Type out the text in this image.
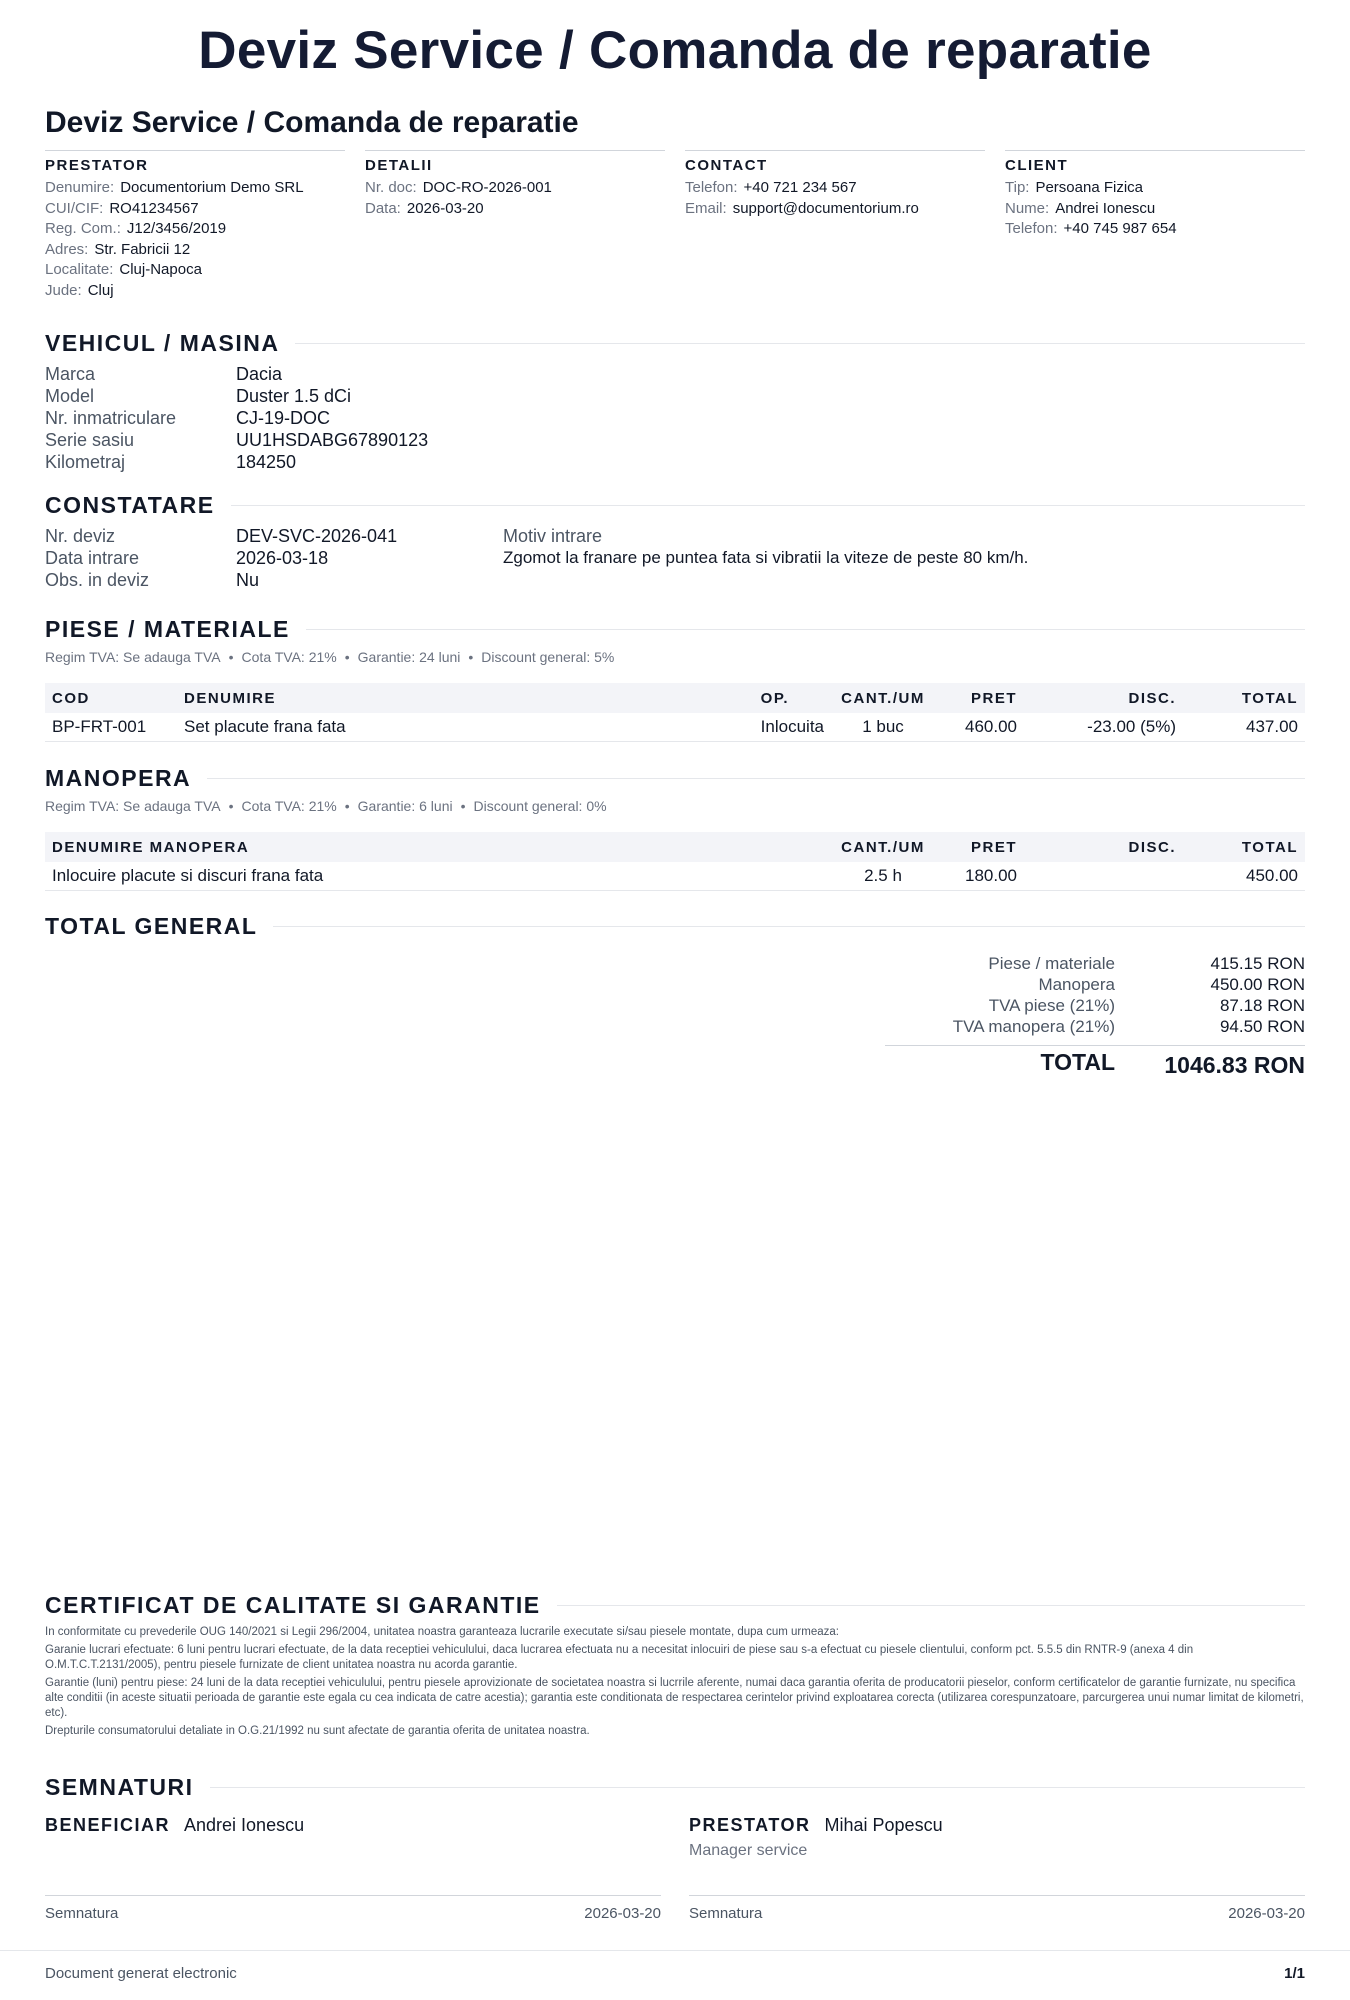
Deviz Service / Comanda de reparatie
Deviz Service / Comanda de reparatie
PRESTATOR
Denumire: Documentorium Demo SRL
CUI/CIF: RO41234567
Reg. Com.: J12/3456/2019
Adres: Str. Fabricii 12
Localitate: Cluj-Napoca
Jude: Cluj
DETALII
Nr. doc: DOC-RO-2026-001
Data: 2026-03-20
CONTACT
Telefon: +40 721 234 567
Email: support@documentorium.ro
CLIENT
Tip: Persoana Fizica
Nume: Andrei Ionescu
Telefon: +40 745 987 654
VEHICUL / MASINA
Marca	Dacia
Model	Duster 1.5 dCi
Nr. inmatriculare	CJ-19-DOC
Serie sasiu	UU1HSDABG67890123
Kilometraj	184250
CONSTATARE
Nr. deviz	DEV-SVC-2026-041
Data intrare	2026-03-18
Obs. in deviz	Nu
Motiv intrare
Zgomot la franare pe puntea fata si vibratii la viteze de peste 80 km/h.
PIESE / MATERIALE
Regim TVA: Se adauga TVA • Cota TVA: 21% • Garantie: 24 luni • Discount general: 5%
COD	DENUMIRE	OP.	CANT./UM	PRET	DISC.	TOTAL
BP-FRT-001	Set placute frana fata	Inlocuita	1 buc	460.00	-23.00 (5%)	437.00
MANOPERA
Regim TVA: Se adauga TVA • Cota TVA: 21% • Garantie: 6 luni • Discount general: 0%
DENUMIRE MANOPERA	CANT./UM	PRET	DISC.	TOTAL
Inlocuire placute si discuri frana fata	2.5 h	180.00		450.00
TOTAL GENERAL
Piese / materiale	415.15 RON
Manopera	450.00 RON
TVA piese (21%)	87.18 RON
TVA manopera (21%)	94.50 RON
TOTAL	1046.83 RON
CERTIFICAT DE CALITATE SI GARANTIE

In conformitate cu prevederile OUG 140/2021 si Legii 296/2004, unitatea noastra garanteaza lucrarile executate si/sau piesele montate, dupa cum urmeaza:

Garanie lucrari efectuate: 6 luni pentru lucrari efectuate, de la data receptiei vehiculului, daca lucrarea efectuata nu a necesitat inlocuiri de piese sau s-a efectuat cu piesele clientului, conform pct. 5.5.5 din RNTR-9 (anexa 4 din O.M.T.C.T.2131/2005), pentru piesele furnizate de client unitatea noastra nu acorda garantie.

Garantie (luni) pentru piese: 24 luni de la data receptiei vehiculului, pentru piesele aprovizionate de societatea noastra si lucrrile aferente, numai daca garantia oferita de producatorii pieselor, conform certificatelor de garantie furnizate, nu specifica alte conditii (in aceste situatii perioada de garantie este egala cu cea indicata de catre acestia); garantia este conditionata de respectarea cerintelor privind exploatarea corecta (utilizarea corespunzatoare, parcurgerea unui numar limitat de kilometri, etc).

Drepturile consumatorului detaliate in O.G.21/1992 nu sunt afectate de garantia oferita de unitatea noastra.

SEMNATURI
BENEFICIAR Andrei Ionescu
Semnatura	2026-03-20
PRESTATOR Mihai Popescu
Manager service
Semnatura	2026-03-20
Document generat electronic	1/1
